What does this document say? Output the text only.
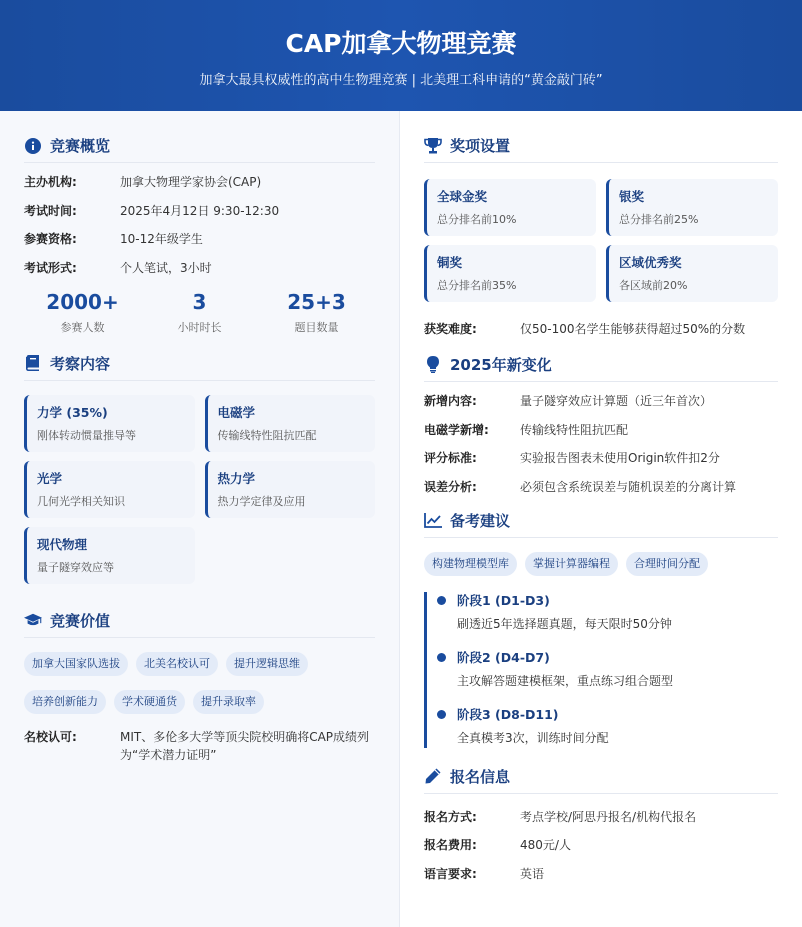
CAP加拿大物理竞赛
加拿大最具权威性的高中生物理竞赛 | 北美理工科申请的“黄金敲门砖”
竞赛概览
主办机构:	加拿大物理学家协会(CAP)
考试时间:	2025年4月12日 9:30-12:30
参赛资格:	10-12年级学生
考试形式:	个人笔试，3小时
2000+
参赛人数
3
小时时长
25+3
题目数量
考察内容
力学 (35%)
刚体转动惯量推导等
电磁学
传输线特性阻抗匹配
光学
几何光学相关知识
热力学
热力学定律及应用
现代物理
量子隧穿效应等
竞赛价值
加拿大国家队选拔	北美名校认可	提升逻辑思维
培养创新能力	学术硬通货	提升录取率
名校认可:	MIT、多伦多大学等顶尖院校明确将CAP成绩列为“学术潜力证明”
奖项设置
全球金奖
总分排名前10%
银奖
总分排名前25%
铜奖
总分排名前35%
区域优秀奖
各区域前20%
获奖难度:	仅50-100名学生能够获得超过50%的分数
2025年新变化
新增内容:	量子隧穿效应计算题（近三年首次）
电磁学新增:	传输线特性阻抗匹配
评分标准:	实验报告图表未使用Origin软件扣2分
误差分析:	必须包含系统误差与随机误差的分离计算
备考建议
构建物理模型库	掌握计算器编程	合理时间分配
阶段1 (D1-D3)
刷透近5年选择题真题，每天限时50分钟
阶段2 (D4-D7)
主攻解答题建模框架，重点练习组合题型
阶段3 (D8-D11)
全真模考3次，训练时间分配
报名信息
报名方式:	考点学校/阿思丹报名/机构代报名
报名费用:	480元/人
语言要求:	英语
